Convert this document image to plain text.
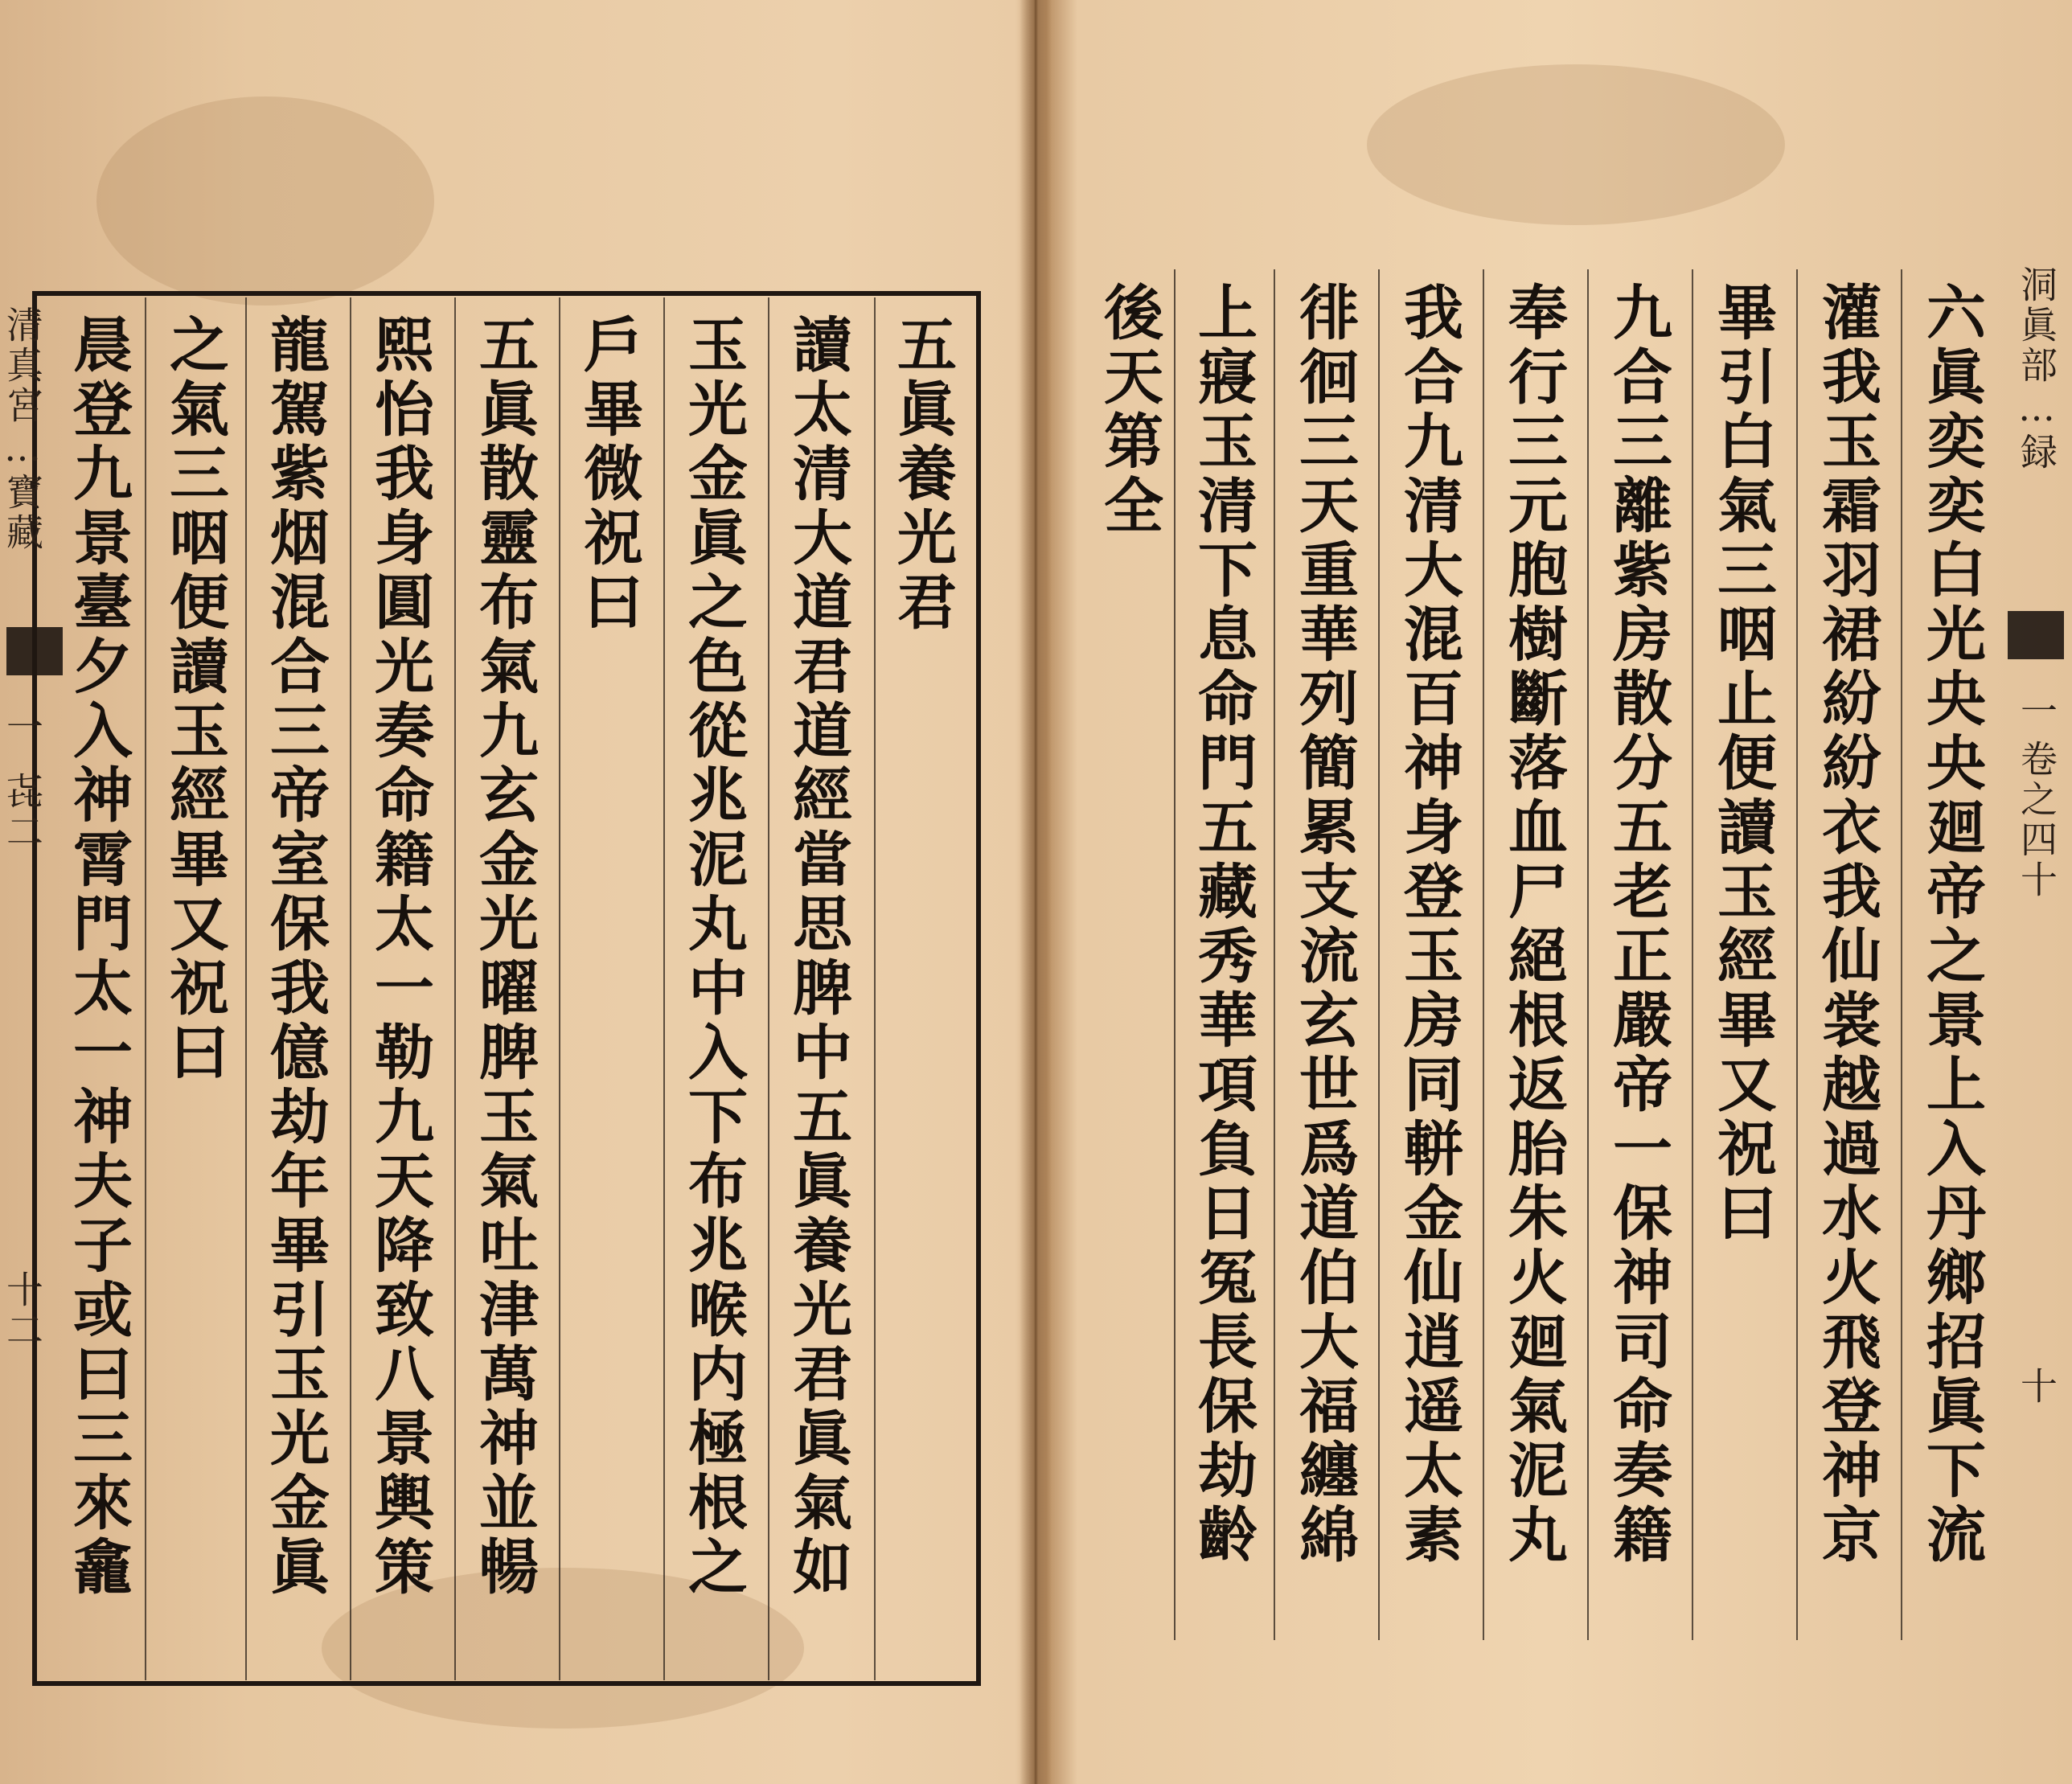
清真宮…寶藏
一
㐂二
十二
五眞養光君
讀太清大道君道經當思脾中五眞養光君眞氣如
玉光金眞之色從兆泥丸中入下布兆喉内極根之
戶畢微祝曰
五眞散靈布氣九玄金光曜脾玉氣吐津萬神並暢
熙怡我身圓光奏命籍太一勒九天降致八景輿策
龍駕紫烟混合三帝室保我億劫年畢引玉光金眞
之氣三咽便讀玉經畢又祝曰
晨登九景臺夕入神霄門太一神夫子或曰三來龕	洞眞部…録
一
卷之四十
十
六眞奕奕白光央央廻帝之景上入丹鄉招眞下流
灌我玉霜羽裙紛紛衣我仙裳越過水火飛登神京
畢引白氣三咽止便讀玉經畢又祝曰
九合三離紫房散分五老正嚴帝一保神司命奏籍
奉行三元胞樹斷落血尸絕根返胎朱火廻氣泥丸
我合九清大混百神身登玉房同軿金仙逍遥太素
徘徊三天重華列簡累支流玄世爲道伯大福纏綿
上寢玉清下息命門五藏秀華項負日冤長保劫齡
後天第全
